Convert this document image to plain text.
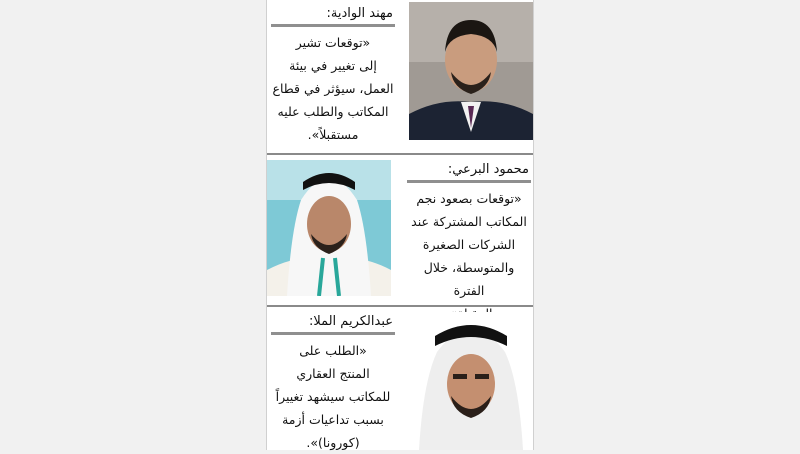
مهند الوادية:
«توقعات تشير
إلى تغيير في بيئة
العمل، سيؤثر في قطاع
المكاتب والطلب عليه
مستقبلاً».
محمود البرعي:
«توقعات بصعود نجم
المكاتب المشتركة عند
الشركات الصغيرة
والمتوسطة، خلال الفترة
عبدالكريم الملا:
«الطلب على
المنتج العقاري
للمكاتب سيشهد تغييراً
بسبب تداعيات أزمة
(كورونا)».
